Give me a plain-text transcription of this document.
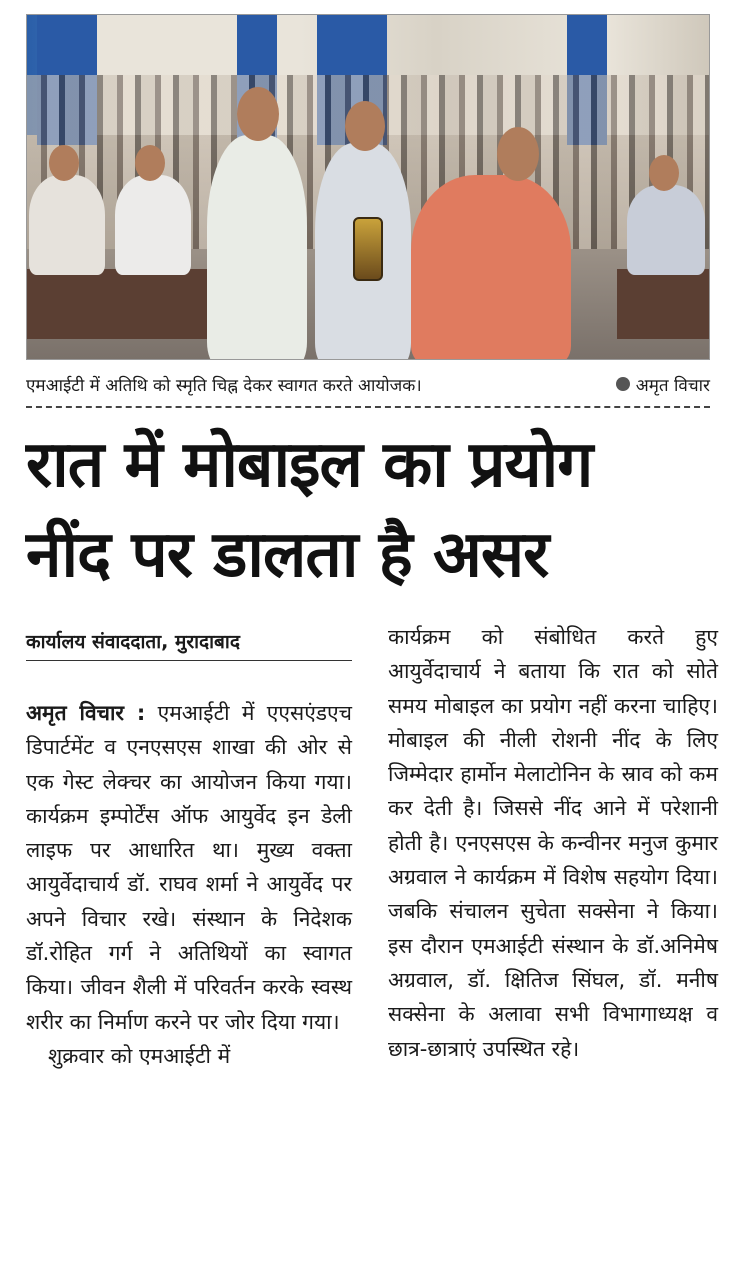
एमआईटी में अतिथि को स्मृति चिह्न देकर स्वागत करते आयोजक।	अमृत विचार
रात में मोबाइल का प्रयोग
नींद पर डालता है असर
कार्यालय संवाददाता, मुरादाबाद

अमृत विचार : एमआईटी में एएसएंडएच डिपार्टमेंट व एनएसएस शाखा की ओर से एक गेस्ट लेक्चर का आयोजन किया गया। कार्यक्रम इम्पोर्टेंस ऑफ आयुर्वेद इन डेली लाइफ पर आधारित था। मुख्य वक्ता आयुर्वेदाचार्य डॉ. राघव शर्मा ने आयुर्वेद पर अपने विचार रखे। संस्थान के निदेशक डॉ.रोहित गर्ग ने अतिथियों का स्वागत किया। जीवन शैली में परिवर्तन करके स्वस्थ शरीर का निर्माण करने पर जोर दिया गया।

शुक्रवार को एमआईटी में

कार्यक्रम को संबोधित करते हुए आयुर्वेदाचार्य ने बताया कि रात को सोते समय मोबाइल का प्रयोग नहीं करना चाहिए। मोबाइल की नीली रोशनी नींद के लिए जिम्मेदार हार्मोन मेलाटोनिन के स्राव को कम कर देती है। जिससे नींद आने में परेशानी होती है। एनएसएस के कन्वीनर मनुज कुमार अग्रवाल ने कार्यक्रम में विशेष सहयोग दिया। जबकि संचालन सुचेता सक्सेना ने किया। इस दौरान एमआईटी संस्थान के डॉ.अनिमेष अग्रवाल, डॉ. क्षितिज सिंघल, डॉ. मनीष सक्सेना के अलावा सभी विभागाध्यक्ष व छात्र-छात्राएं उपस्थित रहे।
